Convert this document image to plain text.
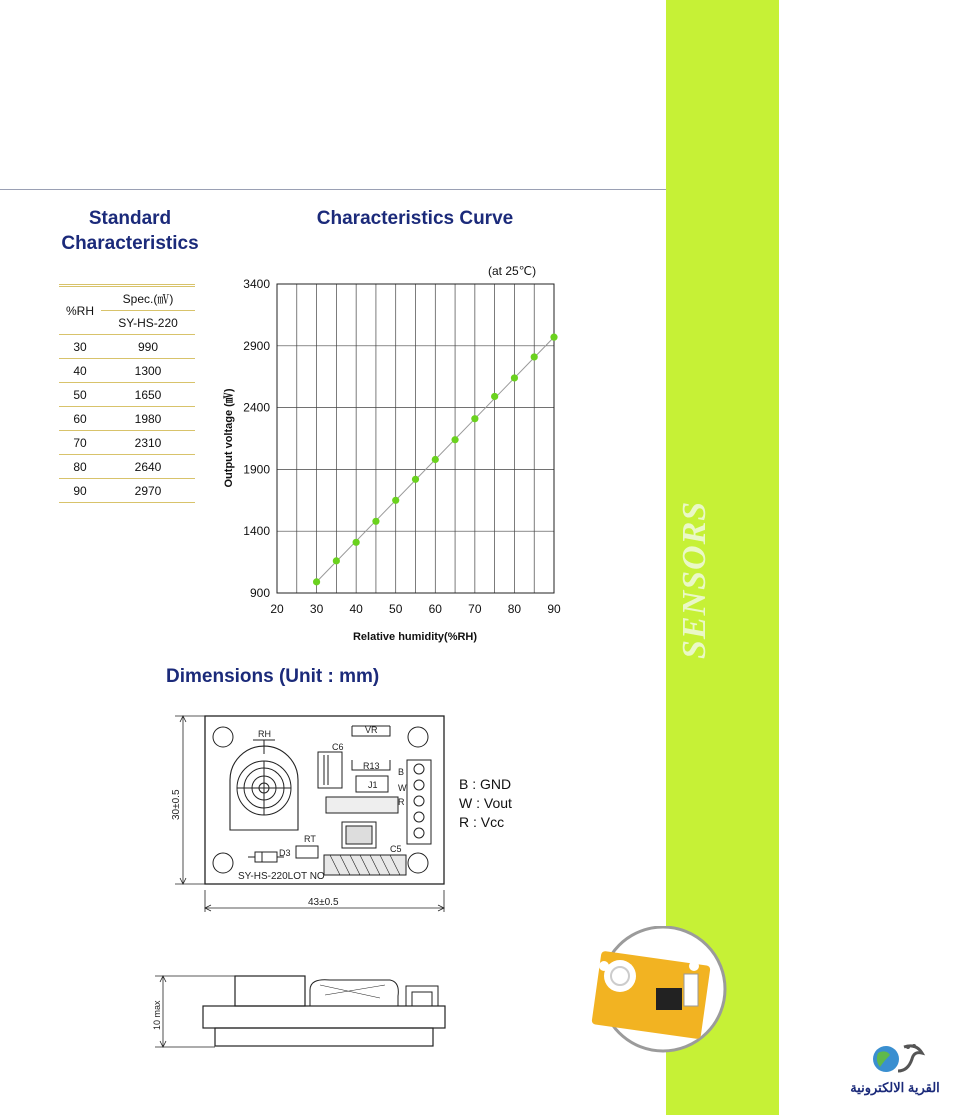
SENSORS
Standard
Characteristics
%RH	Spec.(㎷)
	SY-HS-220
30	990
40	1300
50	1650
60	1980
70	2310
80	2640
90	2970
Characteristics Curve
(at 25℃)
20 30 40 50 60 70 80 90
900
1400
1900
2400
2900
3400
Output voltage (㎷)
Relative humidity(%RH)
Dimensions (Unit : mm)
RH
C6
VR
R13
J1
B
W
R
RT
D3	C5
SY-HS-220LOT NO
43±0.5
30±0.5
10 max
B : GND
W : Vout
R : Vcc
القرية الالكترونية
